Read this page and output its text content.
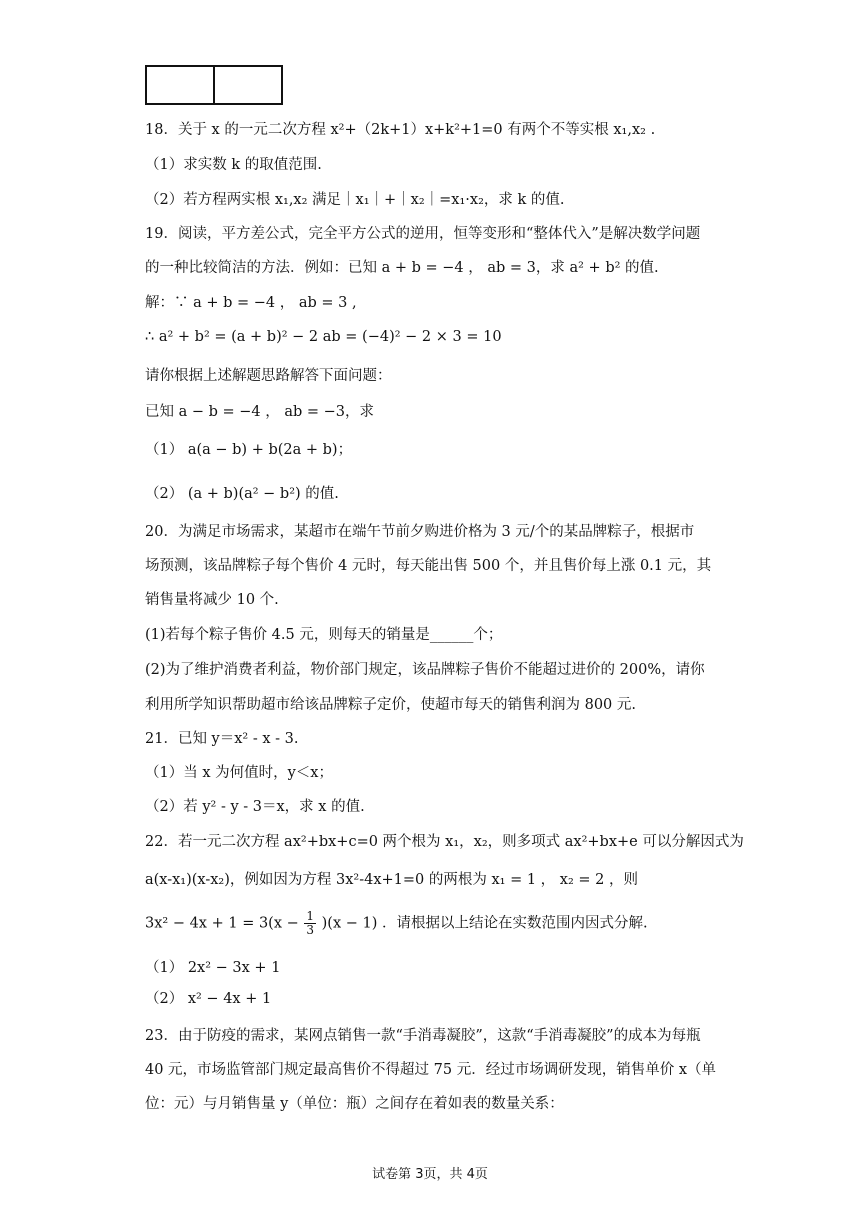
18．关于 x 的一元二次方程 x²+（2k+1）x+k²+1=0 有两个不等实根 x₁,x₂ .
（1）求实数 k 的取值范围.
（2）若方程两实根 x₁,x₂ 满足｜x₁｜+｜x₂｜=x₁·x₂，求 k 的值.
19．阅读，平方差公式，完全平方公式的逆用，恒等变形和“整体代入”是解决数学问题
的一种比较简洁的方法．例如：已知 a + b = −4 ， ab = 3，求 a² + b² 的值.
解：∵ a + b = −4 ， ab = 3 ,
∴ a² + b² = (a + b)² − 2 ab = (−4)² − 2 × 3 = 10
请你根据上述解题思路解答下面问题：
已知 a − b = −4 ， ab = −3，求
（1） a(a − b) + b(2a + b)；
（2） (a + b)(a² − b²) 的值.
20．为满足市场需求，某超市在端午节前夕购进价格为 3 元/个的某品牌粽子，根据市
场预测，该品牌粽子每个售价 4 元时，每天能出售 500 个，并且售价每上涨 0.1 元，其
销售量将减少 10 个.
(1)若每个粽子售价 4.5 元，则每天的销量是______个；
(2)为了维护消费者利益，物价部门规定，该品牌粽子售价不能超过进价的 200%，请你
利用所学知识帮助超市给该品牌粽子定价，使超市每天的销售利润为 800 元.
21．已知 y＝x² - x - 3.
（1）当 x 为何值时，y＜x；
（2）若 y² - y - 3＝x，求 x 的值.
22．若一元二次方程 ax²+bx+c=0 两个根为 x₁，x₂，则多项式 ax²+bx+e 可以分解因式为
a(x-x₁)(x-x₂)，例如因为方程 3x²-4x+1=0 的两根为 x₁ = 1 ， x₂ = 2 ，则
（1） 2x² − 3x + 1
（2） x² − 4x + 1
23．由于防疫的需求，某网点销售一款“手消毒凝胶”，这款“手消毒凝胶”的成本为每瓶
40 元，市场监管部门规定最高售价不得超过 75 元．经过市场调研发现，销售单价 x（单
位：元）与月销售量 y（单位：瓶）之间存在着如表的数量关系：
$3x^2 - 4x + 1 = 3(x - \frac{1}{3} )(x - 1)$ ．请根据以上结论在实数范围内因式分解.
试卷第 3页，共 4页
